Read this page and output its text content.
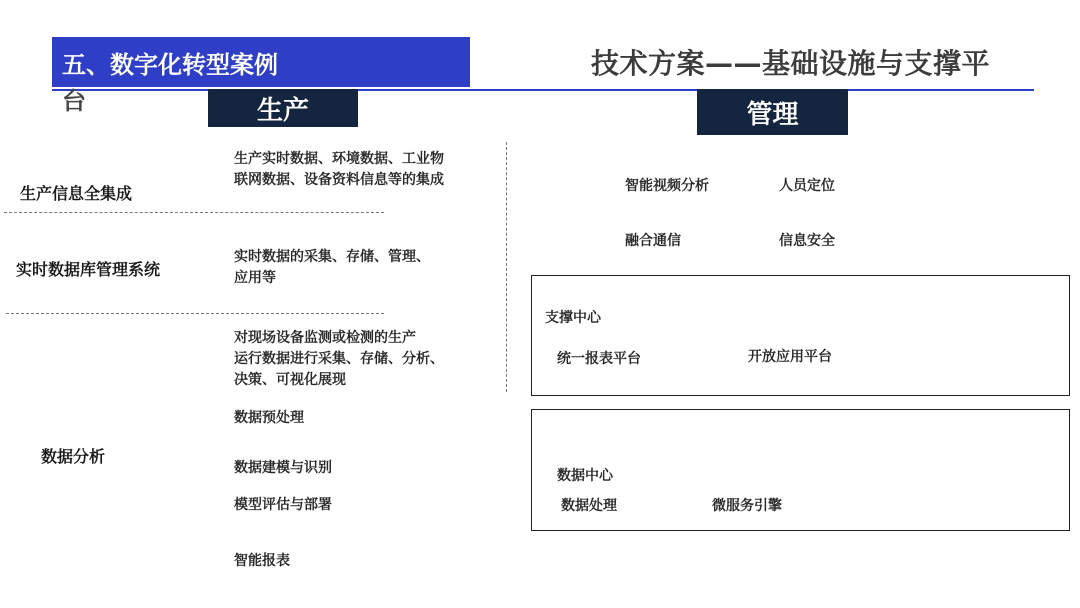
五、数字化转型案例
台
技术方案——基础设施与支撑平
生产	管理
生产信息全集成
生产实时数据、环境数据、工业物
联网数据、设备资料信息等的集成
实时数据库管理系统
实时数据的采集、存储、管理、
应用等
数据分析
对现场设备监测或检测的生产
运行数据进行采集、存储、分析、
决策、可视化展现
数据预处理
数据建模与识别
模型评估与部署
智能报表
智能视频分析	人员定位
融合通信	信息安全
支撑中心
统一报表平台	开放应用平台
数据中心
数据处理	微服务引擎
